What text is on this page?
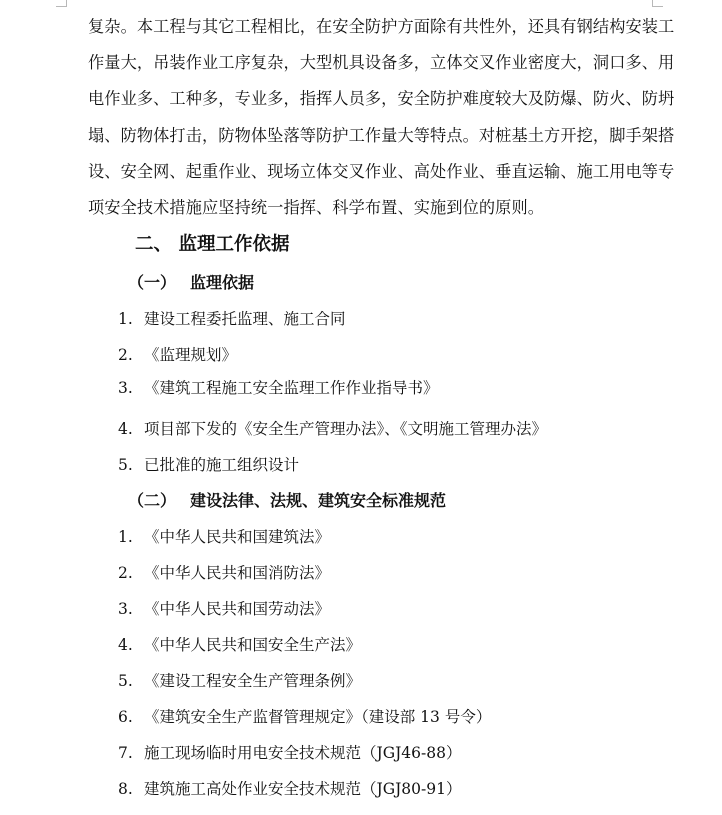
复杂。本工程与其它工程相比，在安全防护方面除有共性外，还具有钢结构安装工
作量大，吊装作业工序复杂，大型机具设备多，立体交叉作业密度大，洞口多、用
电作业多、工种多，专业多，指挥人员多，安全防护难度较大及防爆、防火、防坍
塌、防物体打击，防物体坠落等防护工作量大等特点。对桩基土方开挖，脚手架搭
设、安全网、起重作业、现场立体交叉作业、高处作业、垂直运输、施工用电等专
项安全技术措施应坚持统一指挥、科学布置、实施到位的原则。

二、 监理工作依据
（一） 监理依据
1. 建设工程委托监理、施工合同
2. 《监理规划》
3. 《建筑工程施工安全监理工作作业指导书》
4. 项目部下发的《安全生产管理办法》、《文明施工管理办法》
5. 已批准的施工组织设计
（二） 建设法律、法规、建筑安全标准规范
1. 《中华人民共和国建筑法》
2. 《中华人民共和国消防法》
3. 《中华人民共和国劳动法》
4. 《中华人民共和国安全生产法》
5. 《建设工程安全生产管理条例》
6. 《建筑安全生产监督管理规定》（建设部 13 号令）
7. 施工现场临时用电安全技术规范（JGJ46-88）
8. 建筑施工高处作业安全技术规范（JGJ80-91）
